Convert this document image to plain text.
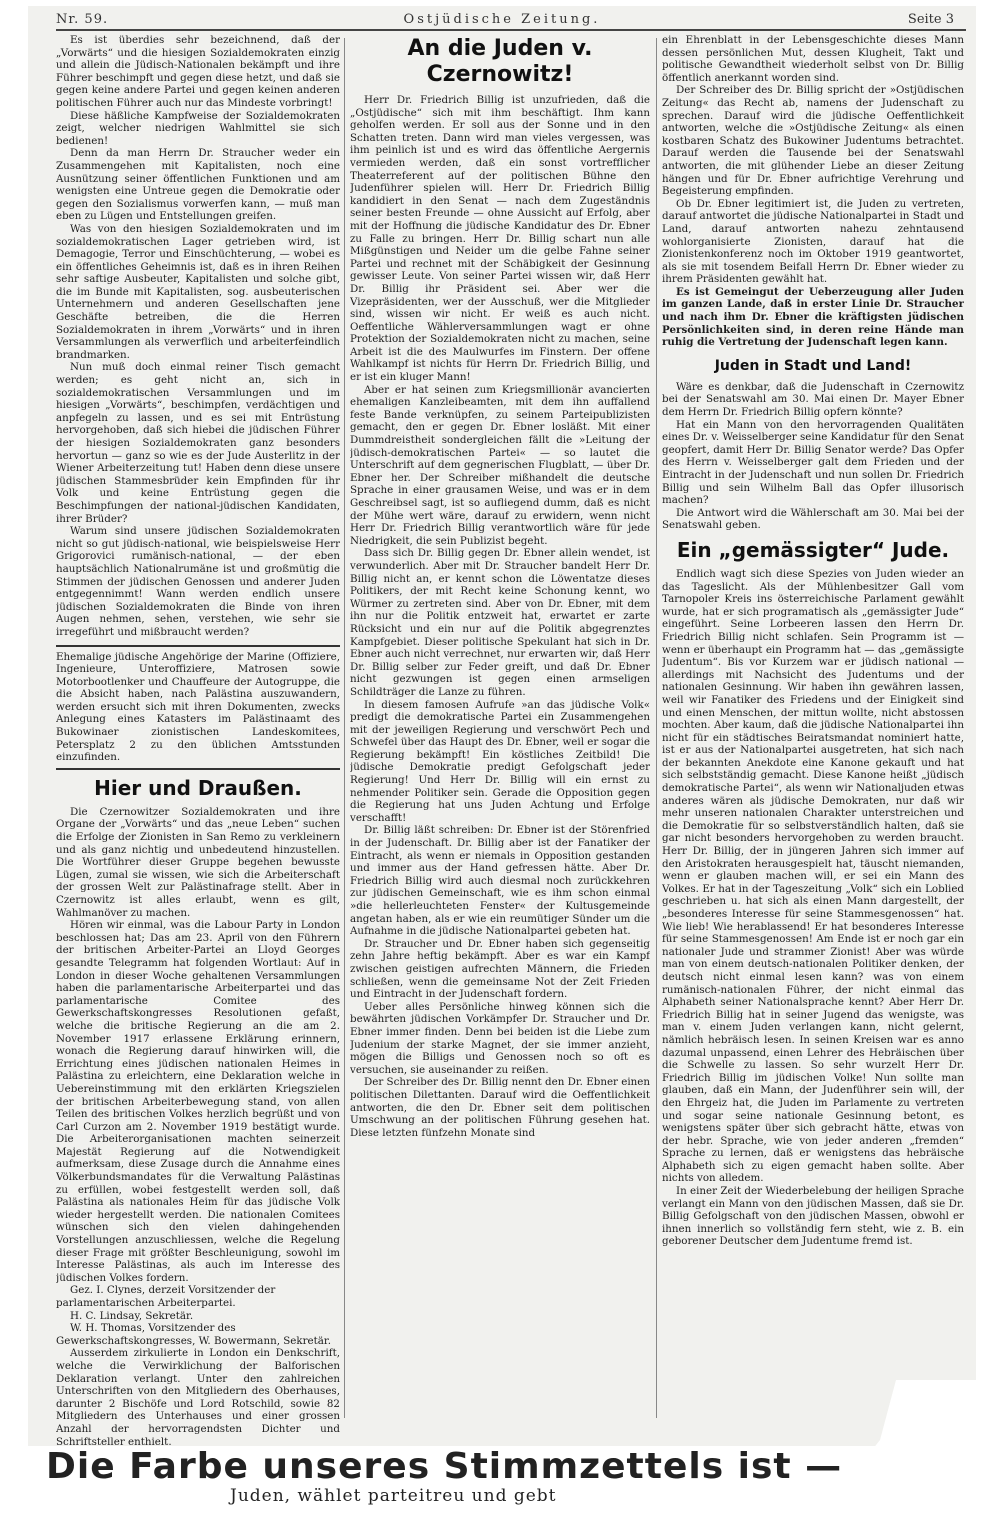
Nr. 59.	Ostjüdische Zeitung.	Seite 3

Es ist überdies sehr bezeichnend, daß der „Vorwärts“ und die hiesigen Sozialdemokraten einzig und allein die Jüdisch-Nationalen bekämpft und ihre Führer beschimpft und gegen diese hetzt, und daß sie gegen keine andere Partei und gegen keinen anderen politischen Führer auch nur das Mindeste vorbringt!

Diese häßliche Kampfweise der Sozialdemokraten zeigt, welcher niedrigen Wahlmittel sie sich bedienen!

Denn da man Herrn Dr. Straucher weder ein Zusammengehen mit Kapitalisten, noch eine Ausnützung seiner öffentlichen Funktionen und am wenigsten eine Untreue gegen die Demokratie oder gegen den Sozialismus vorwerfen kann, — muß man eben zu Lügen und Entstellungen greifen.

Was von den hiesigen Sozialdemokraten und im sozialdemokratischen Lager getrieben wird, ist Demagogie, Terror und Einschüchterung, — wobei es ein öffentliches Geheimnis ist, daß es in ihren Reihen sehr saftige Ausbeuter, Kapitalisten und solche gibt, die im Bunde mit Kapitalisten, sog. ausbeuterischen Unternehmern und anderen Gesellschaften jene Geschäfte betreiben, die die Herren Sozialdemokraten in ihrem „Vorwärts“ und in ihren Versammlungen als verwerflich und arbeiterfeindlich brandmarken.

Nun muß doch einmal reiner Tisch gemacht werden; es geht nicht an, sich in sozialdemokratischen Versammlungen und im hiesigen „Vorwärts“, beschimpfen, verdächtigen und anpfegeln zu lassen, und es sei mit Entrüstung hervorgehoben, daß sich hiebei die jüdischen Führer der hiesigen Sozialdemokraten ganz besonders hervortun — ganz so wie es der Jude Austerlitz in der Wiener Arbeiterzeitung tut! Haben denn diese unsere jüdischen Stammesbrüder kein Empfinden für ihr Volk und keine Entrüstung gegen die Beschimpfungen der national-jüdischen Kandidaten, ihrer Brüder?

Warum sind unsere jüdischen Sozialdemokraten nicht so gut jüdisch-national, wie beispielsweise Herr Grigorovici rumänisch-national, — der eben hauptsächlich Nationalrumäne ist und großmütig die Stimmen der jüdischen Genossen und anderer Juden entgegennimmt! Wann werden endlich unsere jüdischen Sozialdemokraten die Binde von ihren Augen nehmen, sehen, verstehen, wie sehr sie irregeführt und mißbraucht werden?

Ehemalige jüdische Angehörige der Marine (Offiziere, Ingenieure, Unteroffiziere, Matrosen sowie Motorbootlenker und Chauffeure der Autogruppe, die die Absicht haben, nach Palästina auszuwandern, werden ersucht sich mit ihren Dokumenten, zwecks Anlegung eines Katasters im Palästinaamt des Bukowinaer zionistischen Landeskomitees, Petersplatz 2 zu den üblichen Amtsstunden einzufinden.

Hier und Draußen.

Die Czernowitzer Sozialdemokraten und ihre Organe der „Vorwärts“ und das „neue Leben“ suchen die Erfolge der Zionisten in San Remo zu verkleinern und als ganz nichtig und unbedeutend hinzustellen. Die Wortführer dieser Gruppe begehen bewusste Lügen, zumal sie wissen, wie sich die Arbeiterschaft der grossen Welt zur Palästinafrage stellt. Aber in Czernowitz ist alles erlaubt, wenn es gilt, Wahlmanöver zu machen.

Hören wir einmal, was die Labour Party in London beschlossen hat; Das am 23. April von den Führern der britischen Arbeiter-Partei an Lloyd Georges gesandte Telegramm hat folgenden Wortlaut: Auf in London in dieser Woche gehaltenen Versammlungen haben die parlamentarische Arbeiterpartei und das parlamentarische Comitee des Gewerkschaftskongresses Resolutionen gefaßt, welche die britische Regierung an die am 2. November 1917 erlassene Erklärung erinnern, wonach die Regierung darauf hinwirken will, die Errichtung eines jüdischen nationalen Heimes in Palästina zu erleichtern, eine Deklaration welche in Uebereinstimmung mit den erklärten Kriegszielen der britischen Arbeiterbewegung stand, von allen Teilen des britischen Volkes herzlich begrüßt und von Carl Curzon am 2. November 1919 bestätigt wurde. Die Arbeiterorganisationen machten seinerzeit Majestät Regierung auf die Notwendigkeit aufmerksam, diese Zusage durch die Annahme eines Völkerbundsmandates für die Verwaltung Palästinas zu erfüllen, wobei festgestellt werden soll, daß Palästina als nationales Heim für das jüdische Volk wieder hergestellt werden. Die nationalen Comitees wünschen sich den vielen dahingehenden Vorstellungen anzuschliessen, welche die Regelung dieser Frage mit größter Beschleunigung, sowohl im Interesse Palästinas, als auch im Interesse des jüdischen Volkes fordern.

Gez. I. Clynes, derzeit Vorsitzender der parlamentarischen Arbeiterpartei.

H. C. Lindsay, Sekretär.

W. H. Thomas, Vorsitzender des Gewerkschaftskongresses, W. Bowermann, Sekretär.

Ausserdem zirkulierte in London ein Denkschrift, welche die Verwirklichung der Balforischen Deklaration verlangt. Unter den zahlreichen Unterschriften von den Mitgliedern des Oberhauses, darunter 2 Bischöfe und Lord Rotschild, sowie 82 Mitgliedern des Unterhauses und einer grossen Anzahl der hervorragendsten Dichter und Schriftsteller enthielt.

An die Juden v. Czernowitz!

Herr Dr. Friedrich Billig ist unzufrieden, daß die „Ostjüdische“ sich mit ihm beschäftigt. Ihm kann geholfen werden. Er soll aus der Sonne und in den Schatten treten. Dann wird man vieles vergessen, was ihm peinlich ist und es wird das öffentliche Aergernis vermieden werden, daß ein sonst vortrefflicher Theaterreferent auf der politischen Bühne den Judenführer spielen will. Herr Dr. Friedrich Billig kandidiert in den Senat — nach dem Zugeständnis seiner besten Freunde — ohne Aussicht auf Erfolg, aber mit der Hoffnung die jüdische Kandidatur des Dr. Ebner zu Falle zu bringen. Herr Dr. Billig schart nun alle Mißgünstigen und Neider um die gelbe Fahne seiner Partei und rechnet mit der Schäbigkeit der Gesinnung gewisser Leute. Von seiner Partei wissen wir, daß Herr Dr. Billig ihr Präsident sei. Aber wer die Vizepräsidenten, wer der Ausschuß, wer die Mitglieder sind, wissen wir nicht. Er weiß es auch nicht. Oeffentliche Wählerversammlungen wagt er ohne Protektion der Sozialdemokraten nicht zu machen, seine Arbeit ist die des Maulwurfes im Finstern. Der offene Wahlkampf ist nichts für Herrn Dr. Friedrich Billig, und er ist ein kluger Mann!

Aber er hat seinen zum Kriegsmillionär avancierten ehemaligen Kanzleibeamten, mit dem ihn auffallend feste Bande verknüpfen, zu seinem Parteipublizisten gemacht, den er gegen Dr. Ebner losläßt. Mit einer Dummdreistheit sondergleichen fällt die »Leitung der jüdisch-demokratischen Partei« — so lautet die Unterschrift auf dem gegnerischen Flugblatt, — über Dr. Ebner her. Der Schreiber mißhandelt die deutsche Sprache in einer grausamen Weise, und was er in dem Geschreibsel sagt, ist so aufliegend dumm, daß es nicht der Mühe wert wäre, darauf zu erwidern, wenn nicht Herr Dr. Friedrich Billig verantwortlich wäre für jede Niedrigkeit, die sein Publizist begeht.

Dass sich Dr. Billig gegen Dr. Ebner allein wendet, ist verwunderlich. Aber mit Dr. Straucher bandelt Herr Dr. Billig nicht an, er kennt schon die Löwentatze dieses Politikers, der mit Recht keine Schonung kennt, wo Würmer zu zertreten sind. Aber von Dr. Ebner, mit dem ihn nur die Politik entzweit hat, erwartet er zarte Rücksicht und ein nur auf die Politik abgegrenztes Kampfgebiet. Dieser politische Spekulant hat sich in Dr. Ebner auch nicht verrechnet, nur erwarten wir, daß Herr Dr. Billig selber zur Feder greift, und daß Dr. Ebner nicht gezwungen ist gegen einen armseligen Schildträger die Lanze zu führen.

In diesem famosen Aufrufe »an das jüdische Volk« predigt die demokratische Partei ein Zusammengehen mit der jeweiligen Regierung und verschwört Pech und Schwefel über das Haupt des Dr. Ebner, weil er sogar die Regierung bekämpft! Ein köstliches Zeitbild! Die jüdische Demokratie predigt Gefolgschaft jeder Regierung! Und Herr Dr. Billig will ein ernst zu nehmender Politiker sein. Gerade die Opposition gegen die Regierung hat uns Juden Achtung und Erfolge verschafft!

Dr. Billig läßt schreiben: Dr. Ebner ist der Störenfried in der Judenschaft. Dr. Billig aber ist der Fanatiker der Eintracht, als wenn er niemals in Opposition gestanden und immer aus der Hand gefressen hätte. Aber Dr. Friedrich Billig wird auch diesmal noch zurückkehren zur jüdischen Gemeinschaft, wie es ihm schon einmal »die hellerleuchteten Fenster« der Kultusgemeinde angetan haben, als er wie ein reumütiger Sünder um die Aufnahme in die jüdische Nationalpartei gebeten hat.

Dr. Straucher und Dr. Ebner haben sich gegenseitig zehn Jahre heftig bekämpft. Aber es war ein Kampf zwischen geistigen aufrechten Männern, die Frieden schließen, wenn die gemeinsame Not der Zeit Frieden und Eintracht in der Judenschaft fordern.

Ueber alles Persönliche hinweg können sich die bewährten jüdischen Vorkämpfer Dr. Straucher und Dr. Ebner immer finden. Denn bei beiden ist die Liebe zum Judenium der starke Magnet, der sie immer anzieht, mögen die Billigs und Genossen noch so oft es versuchen, sie auseinander zu reißen.

Der Schreiber des Dr. Billig nennt den Dr. Ebner einen politischen Dilettanten. Darauf wird die Oeffentlichkeit antworten, die den Dr. Ebner seit dem politischen Umschwung an der politischen Führung gesehen hat. Diese letzten fünfzehn Monate sind

ein Ehrenblatt in der Lebensgeschichte dieses Mann dessen persönlichen Mut, dessen Klugheit, Takt und politische Gewandtheit wiederholt selbst von Dr. Billig öffentlich anerkannt worden sind.

Der Schreiber des Dr. Billig spricht der »Ostjüdischen Zeitung« das Recht ab, namens der Judenschaft zu sprechen. Darauf wird die jüdische Oeffentlichkeit antworten, welche die »Ostjüdische Zeitung« als einen kostbaren Schatz des Bukowiner Judentums betrachtet. Darauf werden die Tausende bei der Senatswahl antworten, die mit glühender Liebe an dieser Zeitung hängen und für Dr. Ebner aufrichtige Verehrung und Begeisterung empfinden.

Ob Dr. Ebner legitimiert ist, die Juden zu vertreten, darauf antwortet die jüdische Nationalpartei in Stadt und Land, darauf antworten nahezu zehntausend wohlorganisierte Zionisten, darauf hat die Zionistenkonferenz noch im Oktober 1919 geantwortet, als sie mit tosendem Beifall Herrn Dr. Ebner wieder zu ihrem Präsidenten gewählt hat.

Es ist Gemeingut der Ueberzeugung aller Juden im ganzen Lande, daß in erster Linie Dr. Straucher und nach ihm Dr. Ebner die kräftigsten jüdischen Persönlichkeiten sind, in deren reine Hände man ruhig die Vertretung der Judenschaft legen kann.

Juden in Stadt und Land!

Wäre es denkbar, daß die Judenschaft in Czernowitz bei der Senatswahl am 30. Mai einen Dr. Mayer Ebner dem Herrn Dr. Friedrich Billig opfern könnte?

Hat ein Mann von den hervorragenden Qualitäten eines Dr. v. Weisselberger seine Kandidatur für den Senat geopfert, damit Herr Dr. Billig Senator werde? Das Opfer des Herrn v. Weisselberger galt dem Frieden und der Eintracht in der Judenschaft und nun sollen Dr. Friedrich Billig und sein Wilhelm Ball das Opfer illusorisch machen?

Die Antwort wird die Wählerschaft am 30. Mai bei der Senatswahl geben.

Ein „gemässigter“ Jude.

Endlich wagt sich diese Spezies von Juden wieder an das Tageslicht. Als der Mühlenbesitzer Gall vom Tarnopoler Kreis ins österreichische Parlament gewählt wurde, hat er sich programatisch als „gemässigter Jude“ eingeführt. Seine Lorbeeren lassen den Herrn Dr. Friedrich Billig nicht schlafen. Sein Programm ist — wenn er überhaupt ein Programm hat — das „gemässigte Judentum“. Bis vor Kurzem war er jüdisch national — allerdings mit Nachsicht des Judentums und der nationalen Gesinnung. Wir haben ihn gewähren lassen, weil wir Fanatiker des Friedens und der Einigkeit sind und einen Menschen, der mittun wollte, nicht abstossen mochten. Aber kaum, daß die jüdische Nationalpartei ihn nicht für ein städtisches Beiratsmandat nominiert hatte, ist er aus der Nationalpartei ausgetreten, hat sich nach der bekannten Anekdote eine Kanone gekauft und hat sich selbstständig gemacht. Diese Kanone heißt „jüdisch demokratische Partei“, als wenn wir Nationaljuden etwas anderes wären als jüdische Demokraten, nur daß wir mehr unseren nationalen Charakter unterstreichen und die Demokratie für so selbstverständlich halten, daß sie gar nicht besonders hervorgehoben zu werden braucht. Herr Dr. Billig, der in jüngeren Jahren sich immer auf den Aristokraten herausgespielt hat, täuscht niemanden, wenn er glauben machen will, er sei ein Mann des Volkes. Er hat in der Tageszeitung „Volk“ sich ein Loblied geschrieben u. hat sich als einen Mann dargestellt, der „besonderes Interesse für seine Stammesgenossen“ hat. Wie lieb! Wie herablassend! Er hat besonderes Interesse für seine Stammesgenossen! Am Ende ist er noch gar ein nationaler Jude und strammer Zionist! Aber was würde man von einem deutsch-nationalen Politiker denken, der deutsch nicht einmal lesen kann? was von einem rumänisch-nationalen Führer, der nicht einmal das Alphabeth seiner Nationalsprache kennt? Aber Herr Dr. Friedrich Billig hat in seiner Jugend das wenigste, was man v. einem Juden verlangen kann, nicht gelernt, nämlich hebräisch lesen. In seinen Kreisen war es anno dazumal unpassend, einen Lehrer des Hebräischen über die Schwelle zu lassen. So sehr wurzelt Herr Dr. Friedrich Billig im jüdischen Volke! Nun sollte man glauben, daß ein Mann, der Judenführer sein will, der den Ehrgeiz hat, die Juden im Parlamente zu vertreten und sogar seine nationale Gesinnung betont, es wenigstens später über sich gebracht hätte, etwas von der hebr. Sprache, wie von jeder anderen „fremden“ Sprache zu lernen, daß er wenigstens das hebräische Alphabeth sich zu eigen gemacht haben sollte. Aber nichts von alledem.

In einer Zeit der Wiederbelebung der heiligen Sprache verlangt ein Mann von den jüdischen Massen, daß sie Dr. Billig Gefolgschaft von den jüdischen Massen, obwohl er ihnen innerlich so vollständig fern steht, wie z. B. ein geborener Deutscher dem Judentume fremd ist.

Die Farbe unseres Stimmzettels ist —
Juden, wählet parteitreu und gebt
